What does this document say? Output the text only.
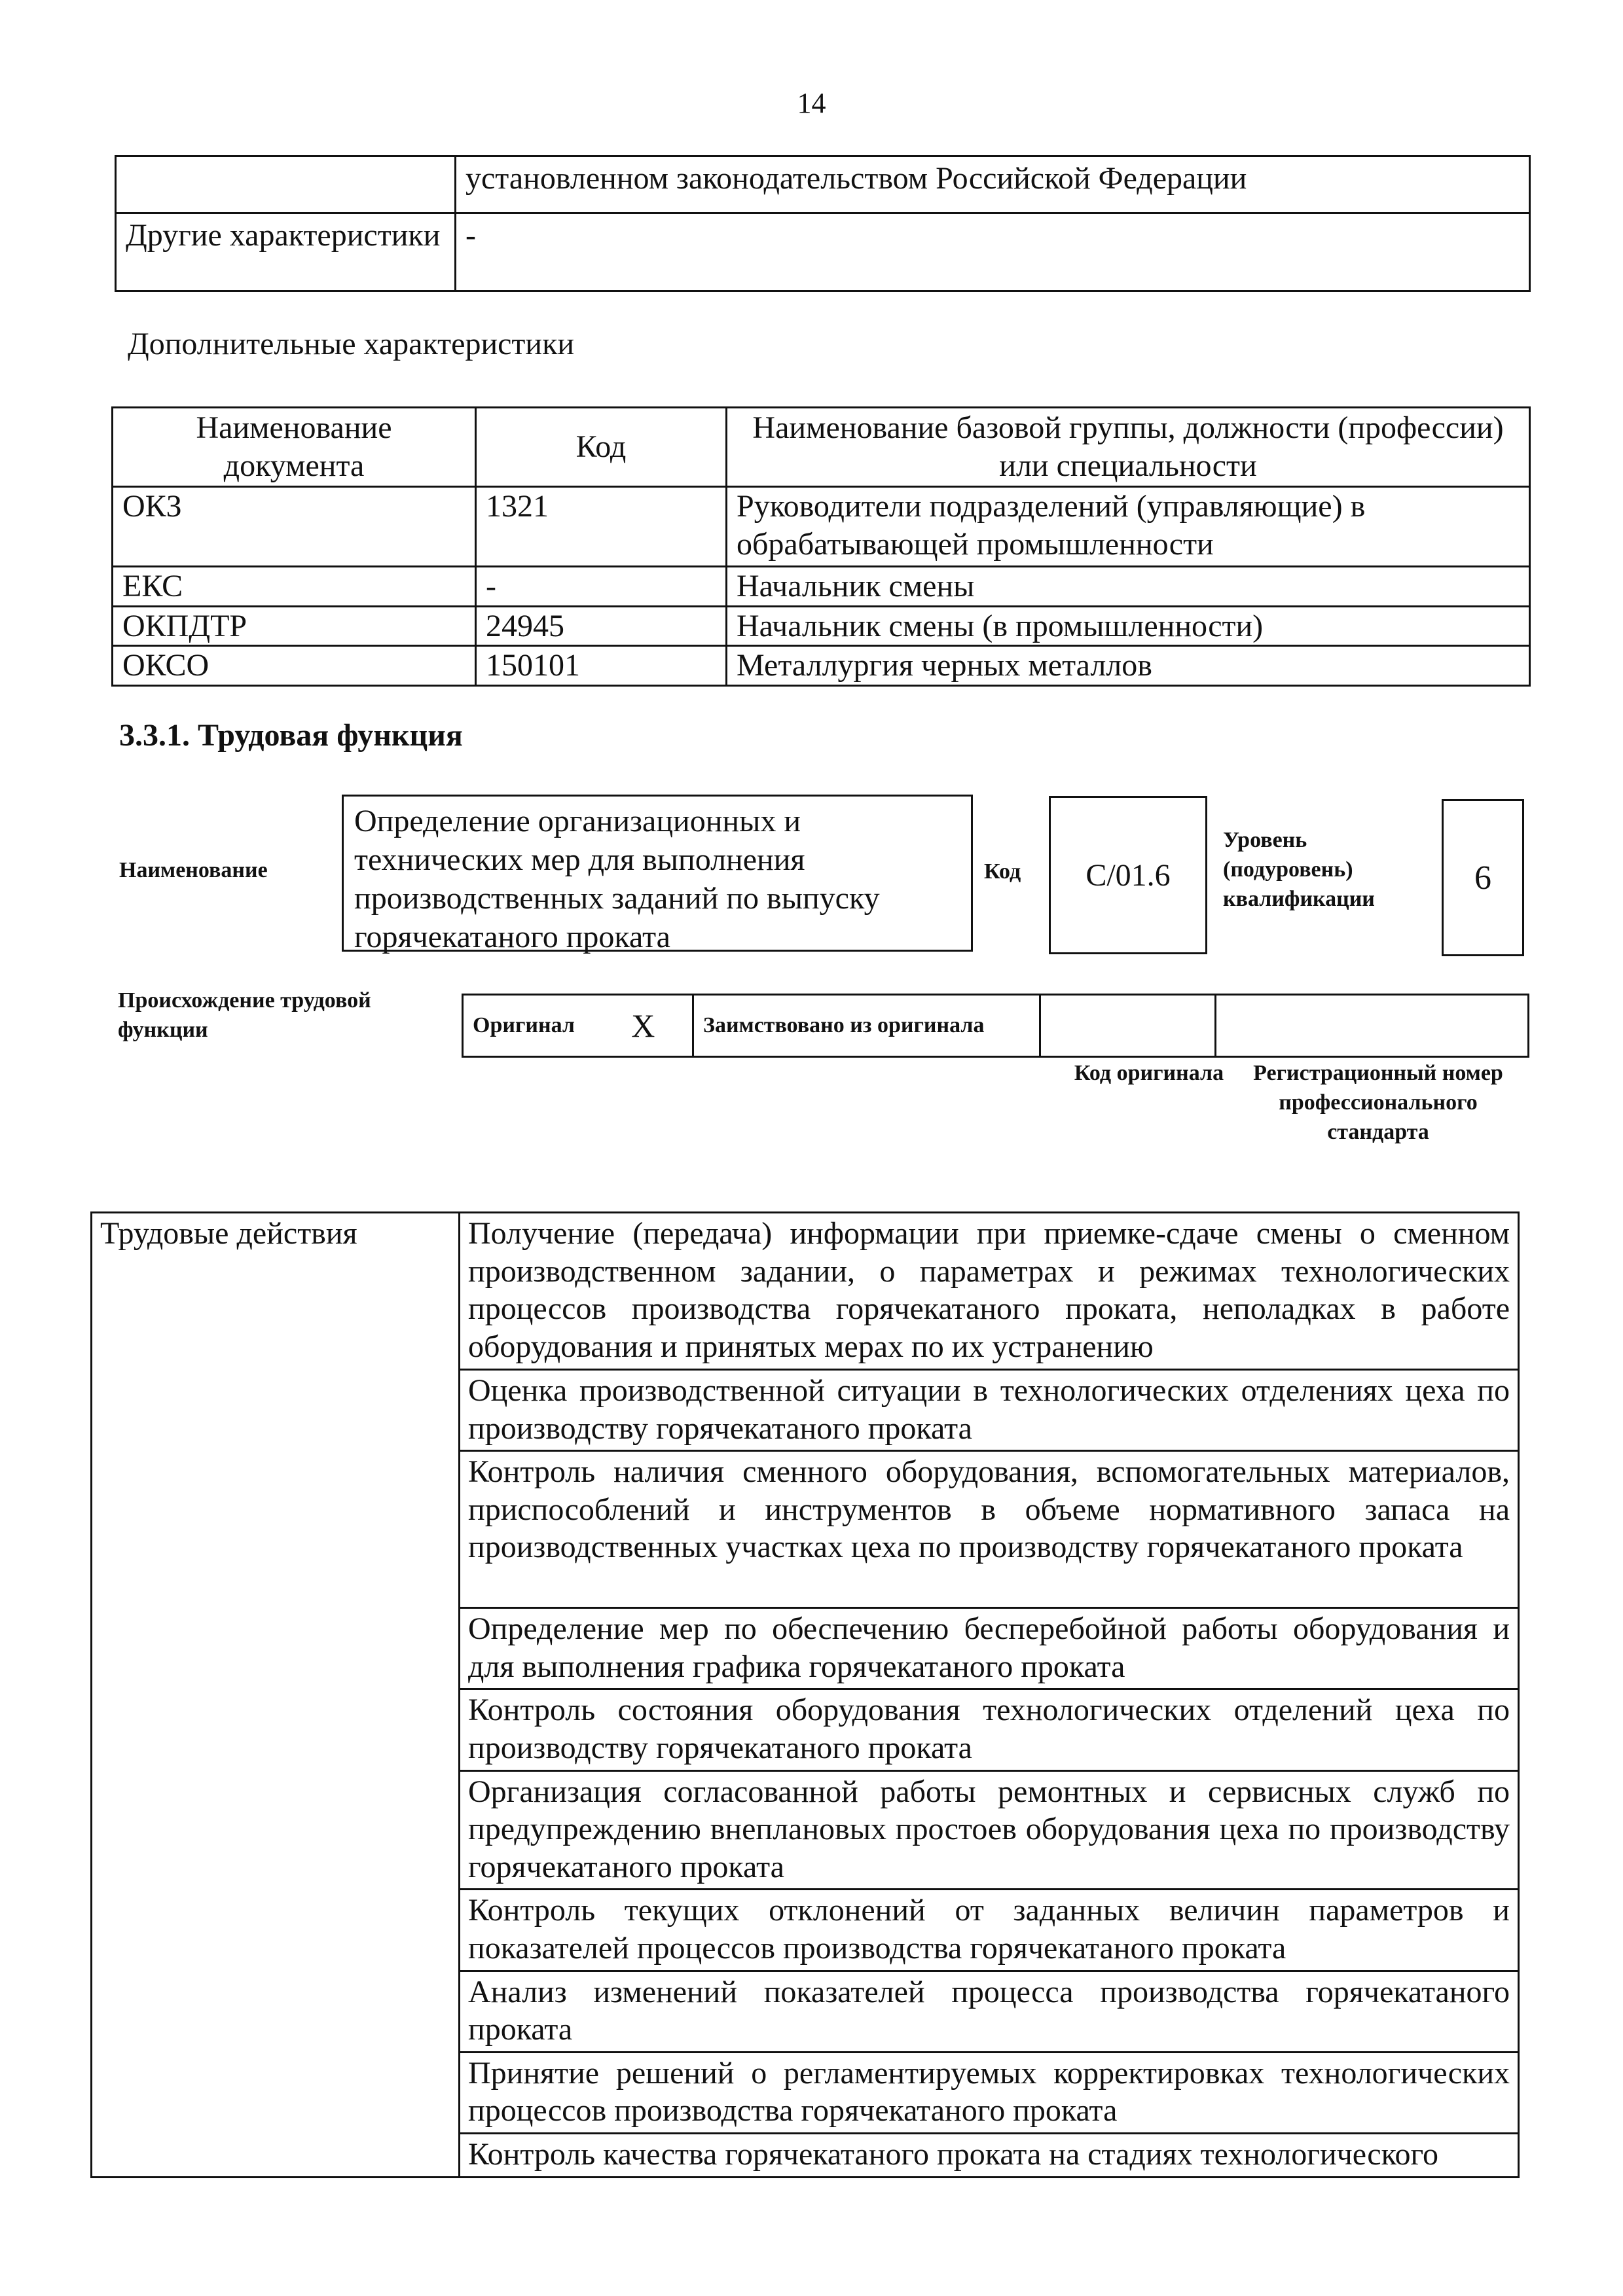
14
	установленном законодательством Российской Федерации
Другие характеристики	-
Дополнительные характеристики
Наименование документа	Код	Наименование базовой группы, должности (профессии) или специальности
ОКЗ	1321	Руководители подразделений (управляющие) в обрабатывающей промышленности
ЕКС	-	Начальник смены
ОКПДТР	24945	Начальник смены (в промышленности)
ОКСО	150101	Металлургия черных металлов
3.3.1. Трудовая функция
Наименование
Определение организационных и технических мер для выполнения производственных заданий по выпуску горячекатаного проката
Код	C/01.6
Уровень (подуровень) квалификации
6
Происхождение трудовой функции	Оригинал	X	Заимствовано из оригинала

Код оригинала Регистрационный номер профессионального стандарта
Трудовые действия	Получение (передача) информации при приемке-сдаче смены о сменном производственном задании, о параметрах и режимах технологических процессов производства горячекатаного проката, неполадках в работе оборудования и принятых мерах по их устранению
Оценка производственной ситуации в технологических отделениях цеха по производству горячекатаного проката
Контроль наличия сменного оборудования, вспомогательных материалов, приспособлений и инструментов в объеме нормативного запаса на производственных участках цеха по производству горячекатаного проката
Определение мер по обеспечению бесперебойной работы оборудования и для выполнения графика горячекатаного проката
Контроль состояния оборудования технологических отделений цеха по производству горячекатаного проката
Организация согласованной работы ремонтных и сервисных служб по предупреждению внеплановых простоев оборудования цеха по производству горячекатаного проката
Контроль текущих отклонений от заданных величин параметров и показателей процессов производства горячекатаного проката
Анализ изменений показателей процесса производства горячекатаного проката
Принятие решений о регламентируемых корректировках технологических процессов производства горячекатаного проката
Контроль качества горячекатаного проката на стадиях технологического
